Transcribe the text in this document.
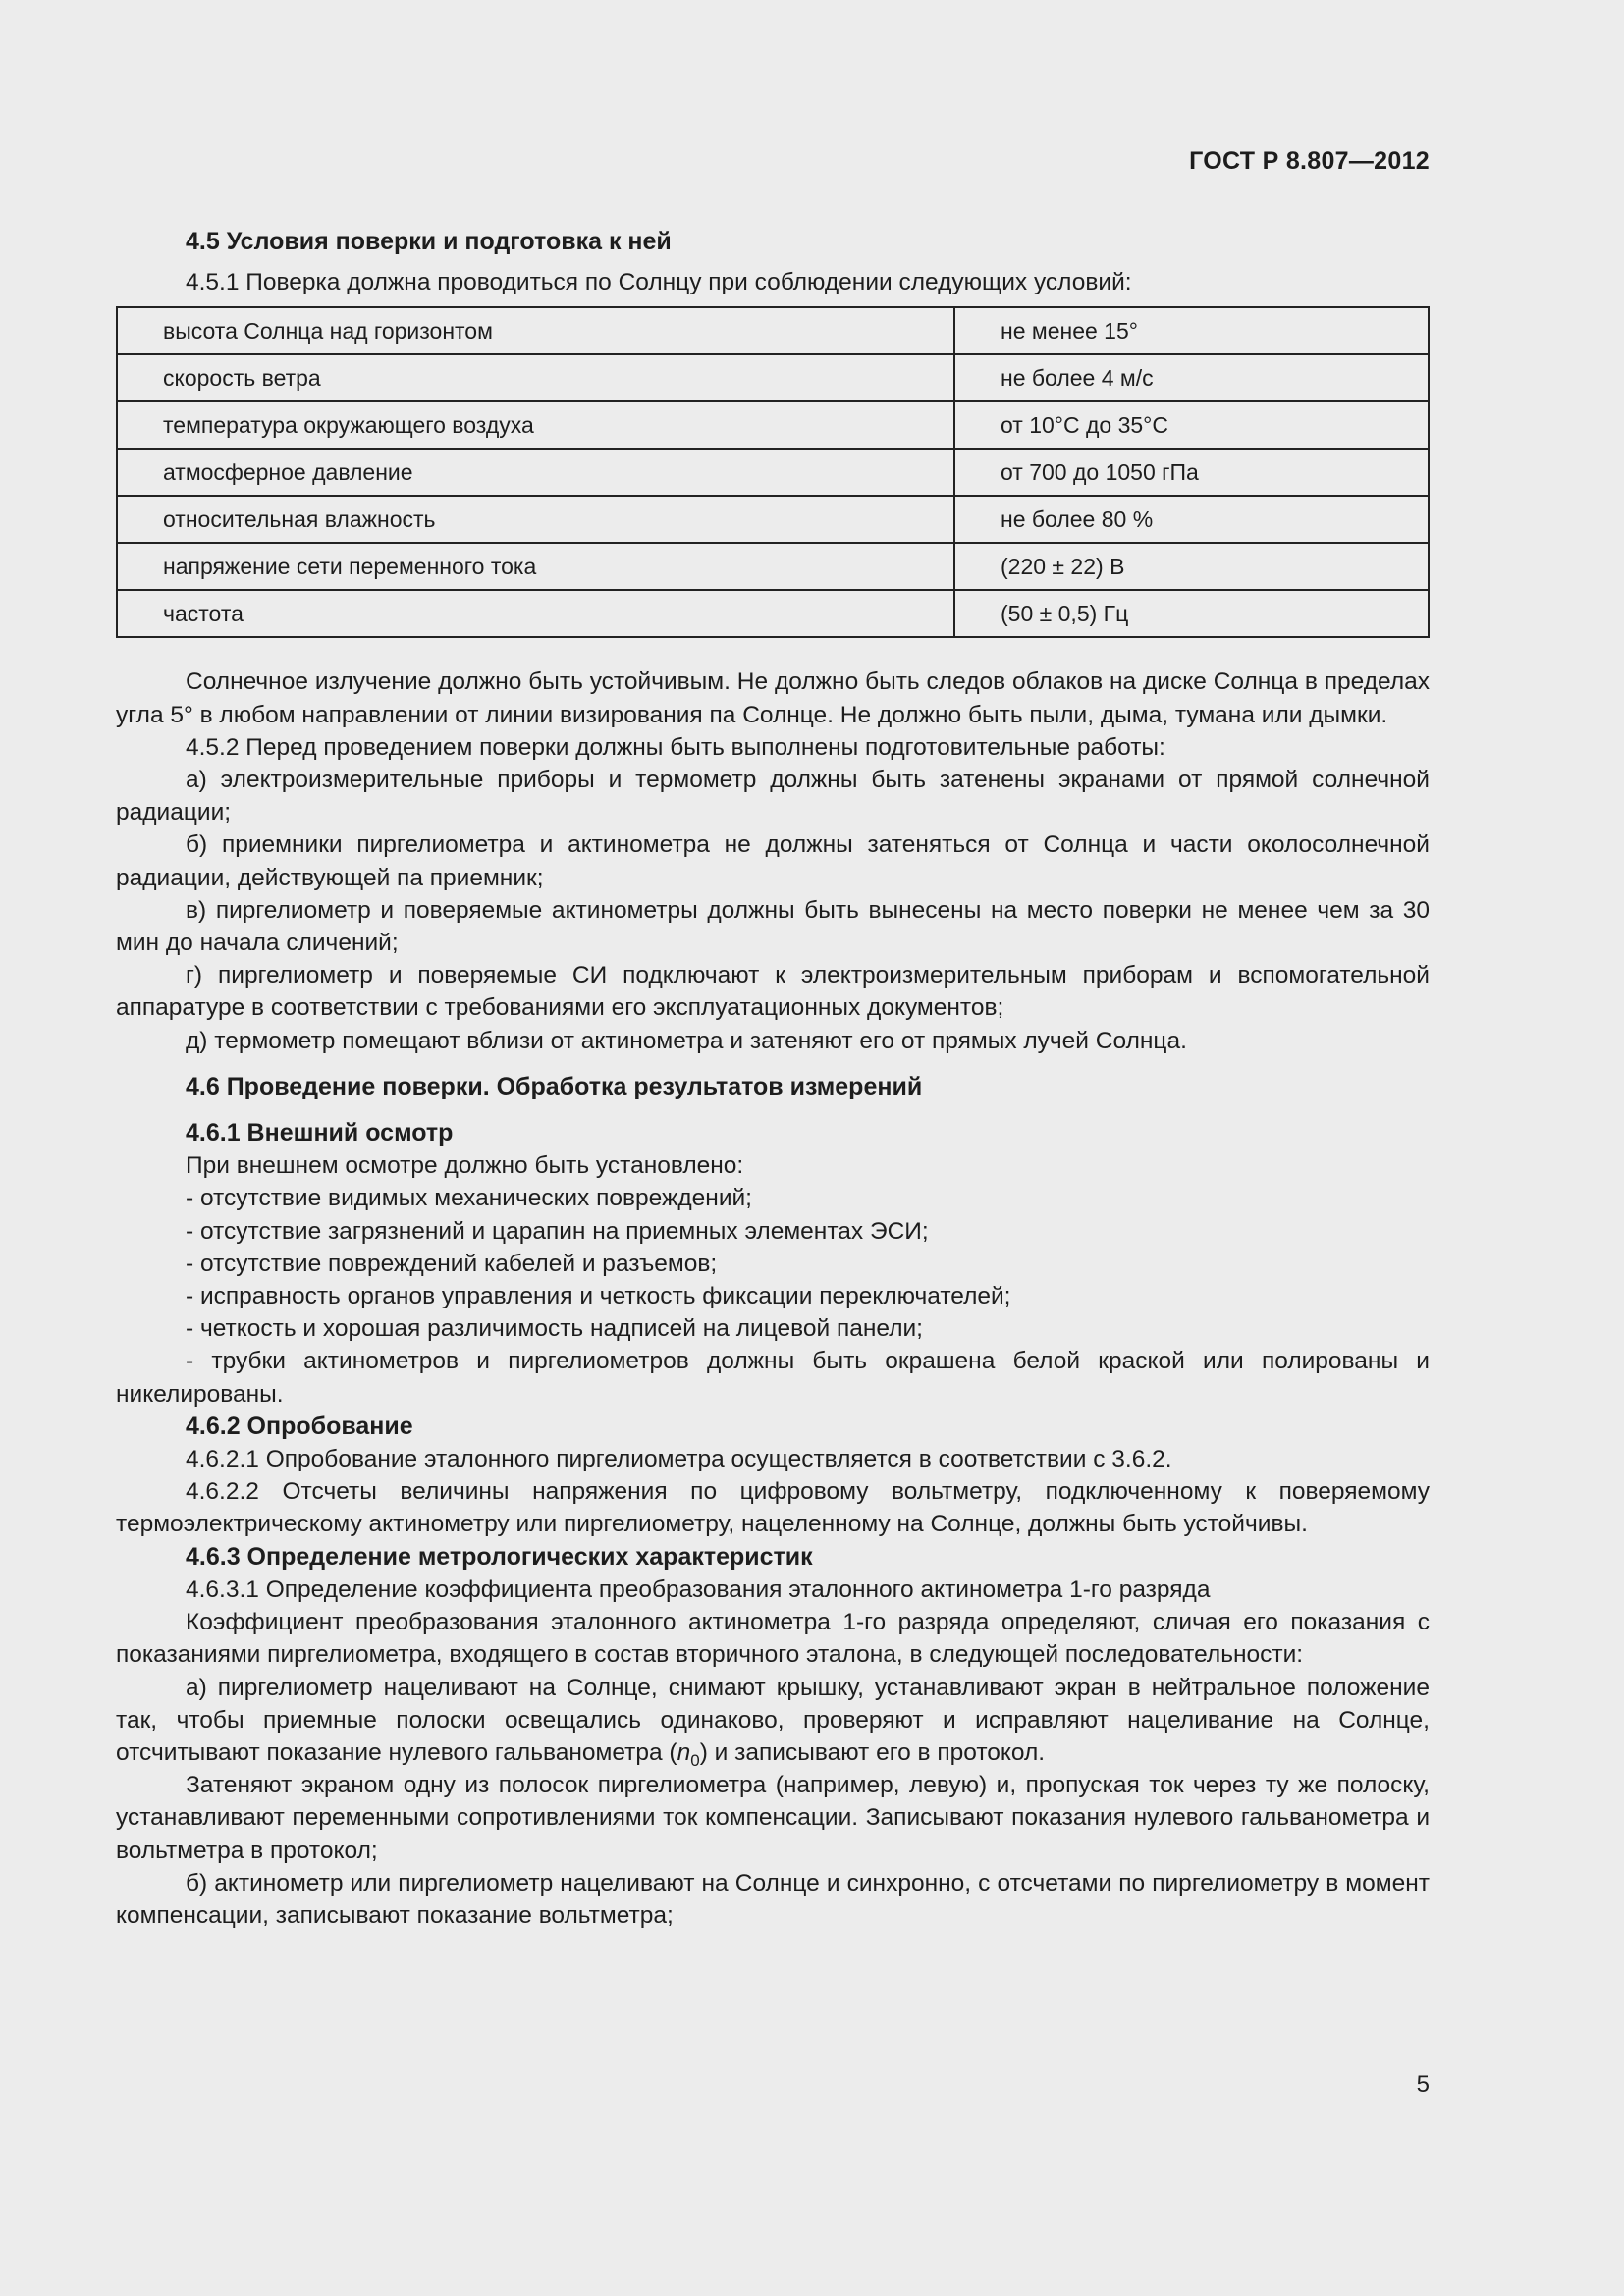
ГОСТ Р 8.807—2012

4.5 Условия поверки и подготовка к ней

4.5.1 Поверка должна проводиться по Солнцу при соблюдении следующих условий:

высота Солнца над горизонтом	не менее 15°
скорость ветра	не более 4 м/с
температура окружающего воздуха	от 10°С до 35°С
атмосферное давление	от 700 до 1050 гПа
относительная влажность	не более 80 %
напряжение сети переменного тока	(220 ± 22) В
частота	(50 ± 0,5) Гц

Солнечное излучение должно быть устойчивым. Не должно быть следов облаков на диске Солнца в пределах угла 5° в любом направлении от линии визирования па Солнце. Не должно быть пыли, дыма, тумана или дымки.

4.5.2 Перед проведением поверки должны быть выполнены подготовительные работы:

а) электроизмерительные приборы и термометр должны быть затенены экранами от прямой солнечной радиации;

б) приемники пиргелиометра и актинометра не должны затеняться от Солнца и части околосолнечной радиации, действующей па приемник;

в) пиргелиометр и поверяемые актинометры должны быть вынесены на место поверки не менее чем за 30 мин до начала сличений;

г) пиргелиометр и поверяемые СИ подключают к электроизмерительным приборам и вспомогательной аппаратуре в соответствии с требованиями его эксплуатационных документов;

д) термометр помещают вблизи от актинометра и затеняют его от прямых лучей Солнца.

4.6 Проведение поверки. Обработка результатов измерений

4.6.1 Внешний осмотр

При внешнем осмотре должно быть установлено:

- отсутствие видимых механических повреждений;

- отсутствие загрязнений и царапин на приемных элементах ЭСИ;

- отсутствие повреждений кабелей и разъемов;

- исправность органов управления и четкость фиксации переключателей;

- четкость и хорошая различимость надписей на лицевой панели;

- трубки актинометров и пиргелиометров должны быть окрашена белой краской или полированы и никелированы.

4.6.2 Опробование

4.6.2.1 Опробование эталонного пиргелиометра осуществляется в соответствии с 3.6.2.

4.6.2.2 Отсчеты величины напряжения по цифровому вольтметру, подключенному к поверяемому термоэлектрическому актинометру или пиргелиометру, нацеленному на Солнце, должны быть устойчивы.

4.6.3 Определение метрологических характеристик

4.6.3.1 Определение коэффициента преобразования эталонного актинометра 1-го разряда

Коэффициент преобразования эталонного актинометра 1-го разряда определяют, сличая его показания с показаниями пиргелиометра, входящего в состав вторичного эталона, в следующей последовательности:

а) пиргелиометр нацеливают на Солнце, снимают крышку, устанавливают экран в нейтральное положение так, чтобы приемные полоски освещались одинаково, проверяют и исправляют нацеливание на Солнце, отсчитывают показание нулевого гальванометра $(n_0)$ и записывают его в протокол.

Затеняют экраном одну из полосок пиргелиометра (например, левую) и, пропуская ток через ту же полоску, устанавливают переменными сопротивлениями ток компенсации. Записывают показания нулевого гальванометра и вольтметра в протокол;

б) актинометр или пиргелиометр нацеливают на Солнце и синхронно, с отсчетами по пиргелиометру в момент компенсации, записывают показание вольтметра;

5
